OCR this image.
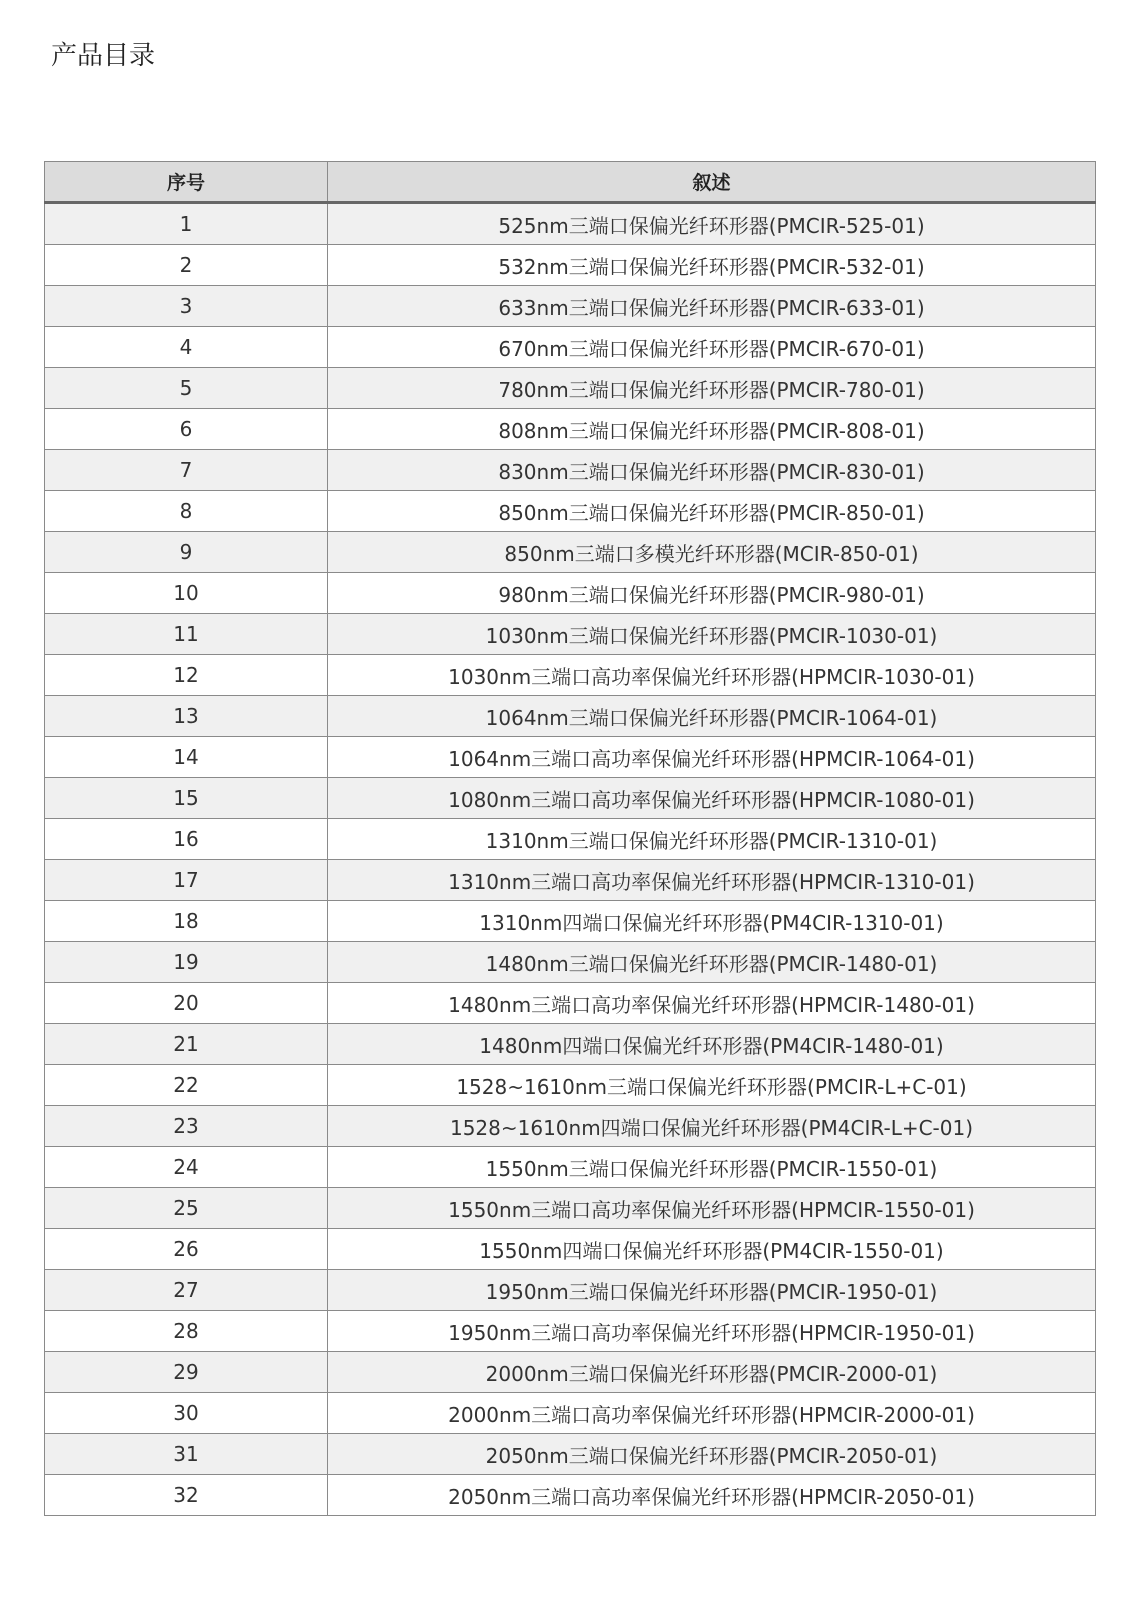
产品目录
序号	叙述
1	525nm三端口保偏光纤环形器(PMCIR-525-01)
2	532nm三端口保偏光纤环形器(PMCIR-532-01)
3	633nm三端口保偏光纤环形器(PMCIR-633-01)
4	670nm三端口保偏光纤环形器(PMCIR-670-01)
5	780nm三端口保偏光纤环形器(PMCIR-780-01)
6	808nm三端口保偏光纤环形器(PMCIR-808-01)
7	830nm三端口保偏光纤环形器(PMCIR-830-01)
8	850nm三端口保偏光纤环形器(PMCIR-850-01)
9	850nm三端口多模光纤环形器(MCIR-850-01)
10	980nm三端口保偏光纤环形器(PMCIR-980-01)
11	1030nm三端口保偏光纤环形器(PMCIR-1030-01)
12	1030nm三端口高功率保偏光纤环形器(HPMCIR-1030-01)
13	1064nm三端口保偏光纤环形器(PMCIR-1064-01)
14	1064nm三端口高功率保偏光纤环形器(HPMCIR-1064-01)
15	1080nm三端口高功率保偏光纤环形器(HPMCIR-1080-01)
16	1310nm三端口保偏光纤环形器(PMCIR-1310-01)
17	1310nm三端口高功率保偏光纤环形器(HPMCIR-1310-01)
18	1310nm四端口保偏光纤环形器(PM4CIR-1310-01)
19	1480nm三端口保偏光纤环形器(PMCIR-1480-01)
20	1480nm三端口高功率保偏光纤环形器(HPMCIR-1480-01)
21	1480nm四端口保偏光纤环形器(PM4CIR-1480-01)
22	1528~1610nm三端口保偏光纤环形器(PMCIR-L+C-01)
23	1528~1610nm四端口保偏光纤环形器(PM4CIR-L+C-01)
24	1550nm三端口保偏光纤环形器(PMCIR-1550-01)
25	1550nm三端口高功率保偏光纤环形器(HPMCIR-1550-01)
26	1550nm四端口保偏光纤环形器(PM4CIR-1550-01)
27	1950nm三端口保偏光纤环形器(PMCIR-1950-01)
28	1950nm三端口高功率保偏光纤环形器(HPMCIR-1950-01)
29	2000nm三端口保偏光纤环形器(PMCIR-2000-01)
30	2000nm三端口高功率保偏光纤环形器(HPMCIR-2000-01)
31	2050nm三端口保偏光纤环形器(PMCIR-2050-01)
32	2050nm三端口高功率保偏光纤环形器(HPMCIR-2050-01)
